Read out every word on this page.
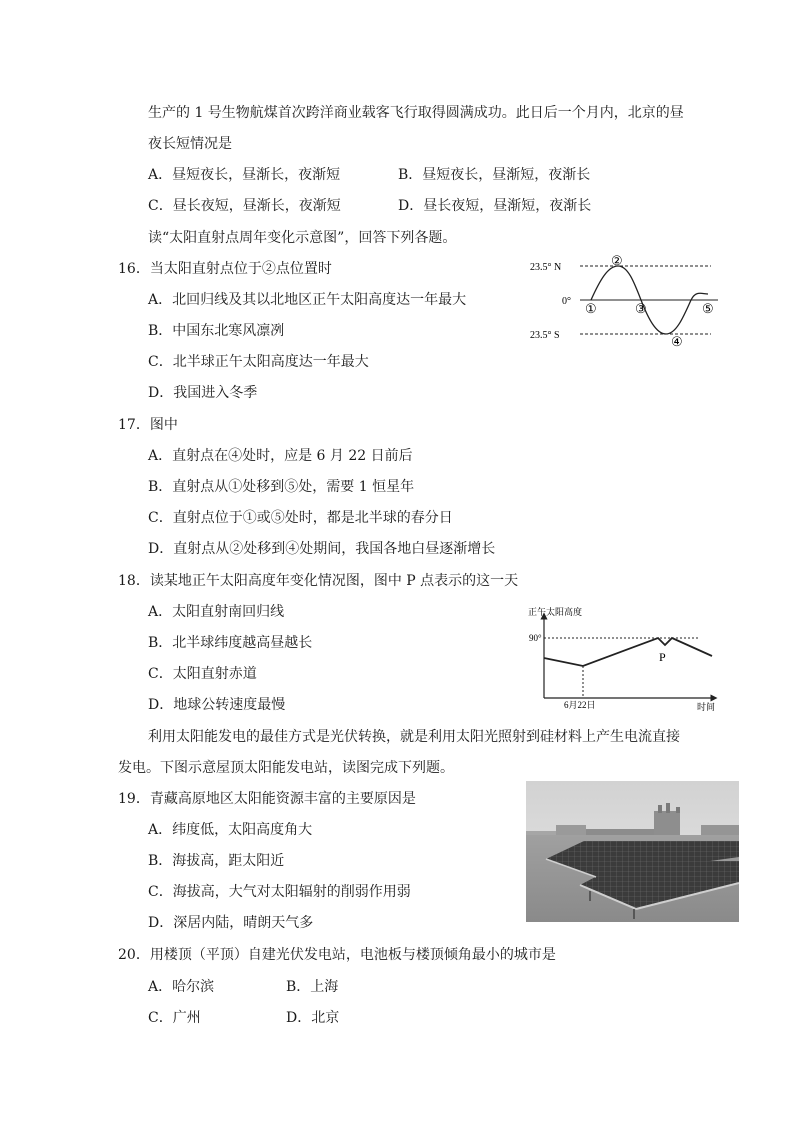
生产的 1 号生物航煤首次跨洋商业载客飞行取得圆满成功。此日后一个月内，北京的昼
夜长短情况是
A．昼短夜长，昼渐长，夜渐短	B．昼短夜长，昼渐短，夜渐长
C．昼长夜短，昼渐长，夜渐短	D．昼长夜短，昼渐短，夜渐长
读“太阳直射点周年变化示意图”，回答下列各题。
16．当太阳直射点位于②点位置时
A．北回归线及其以北地区正午太阳高度达一年最大
B．中国东北寒风凛冽
C．北半球正午太阳高度达一年最大
D．我国进入冬季
17．图中
A．直射点在④处时，应是 6 月 22 日前后
B．直射点从①处移到⑤处，需要 1 恒星年
C．直射点位于①或⑤处时，都是北半球的春分日
D．直射点从②处移到④处期间，我国各地白昼逐渐增长
18．读某地正午太阳高度年变化情况图，图中 P 点表示的这一天
A．太阳直射南回归线
B．北半球纬度越高昼越长
C．太阳直射赤道
D．地球公转速度最慢
利用太阳能发电的最佳方式是光伏转换，就是利用太阳光照射到硅材料上产生电流直接
发电。下图示意屋顶太阳能发电站，读图完成下列题。
19．青藏高原地区太阳能资源丰富的主要原因是
A．纬度低，太阳高度角大
B．海拔高，距太阳近
C．海拔高，大气对太阳辐射的削弱作用弱
D．深居内陆，晴朗天气多
20．用楼顶（平顶）自建光伏发电站，电池板与楼顶倾角最小的城市是
A．哈尔滨	B．上海
C．广州	D．北京
23.5° N
0°
23.5° S
①
②
③
④
⑤
正午太阳高度
90°
P
6月22日	时间
